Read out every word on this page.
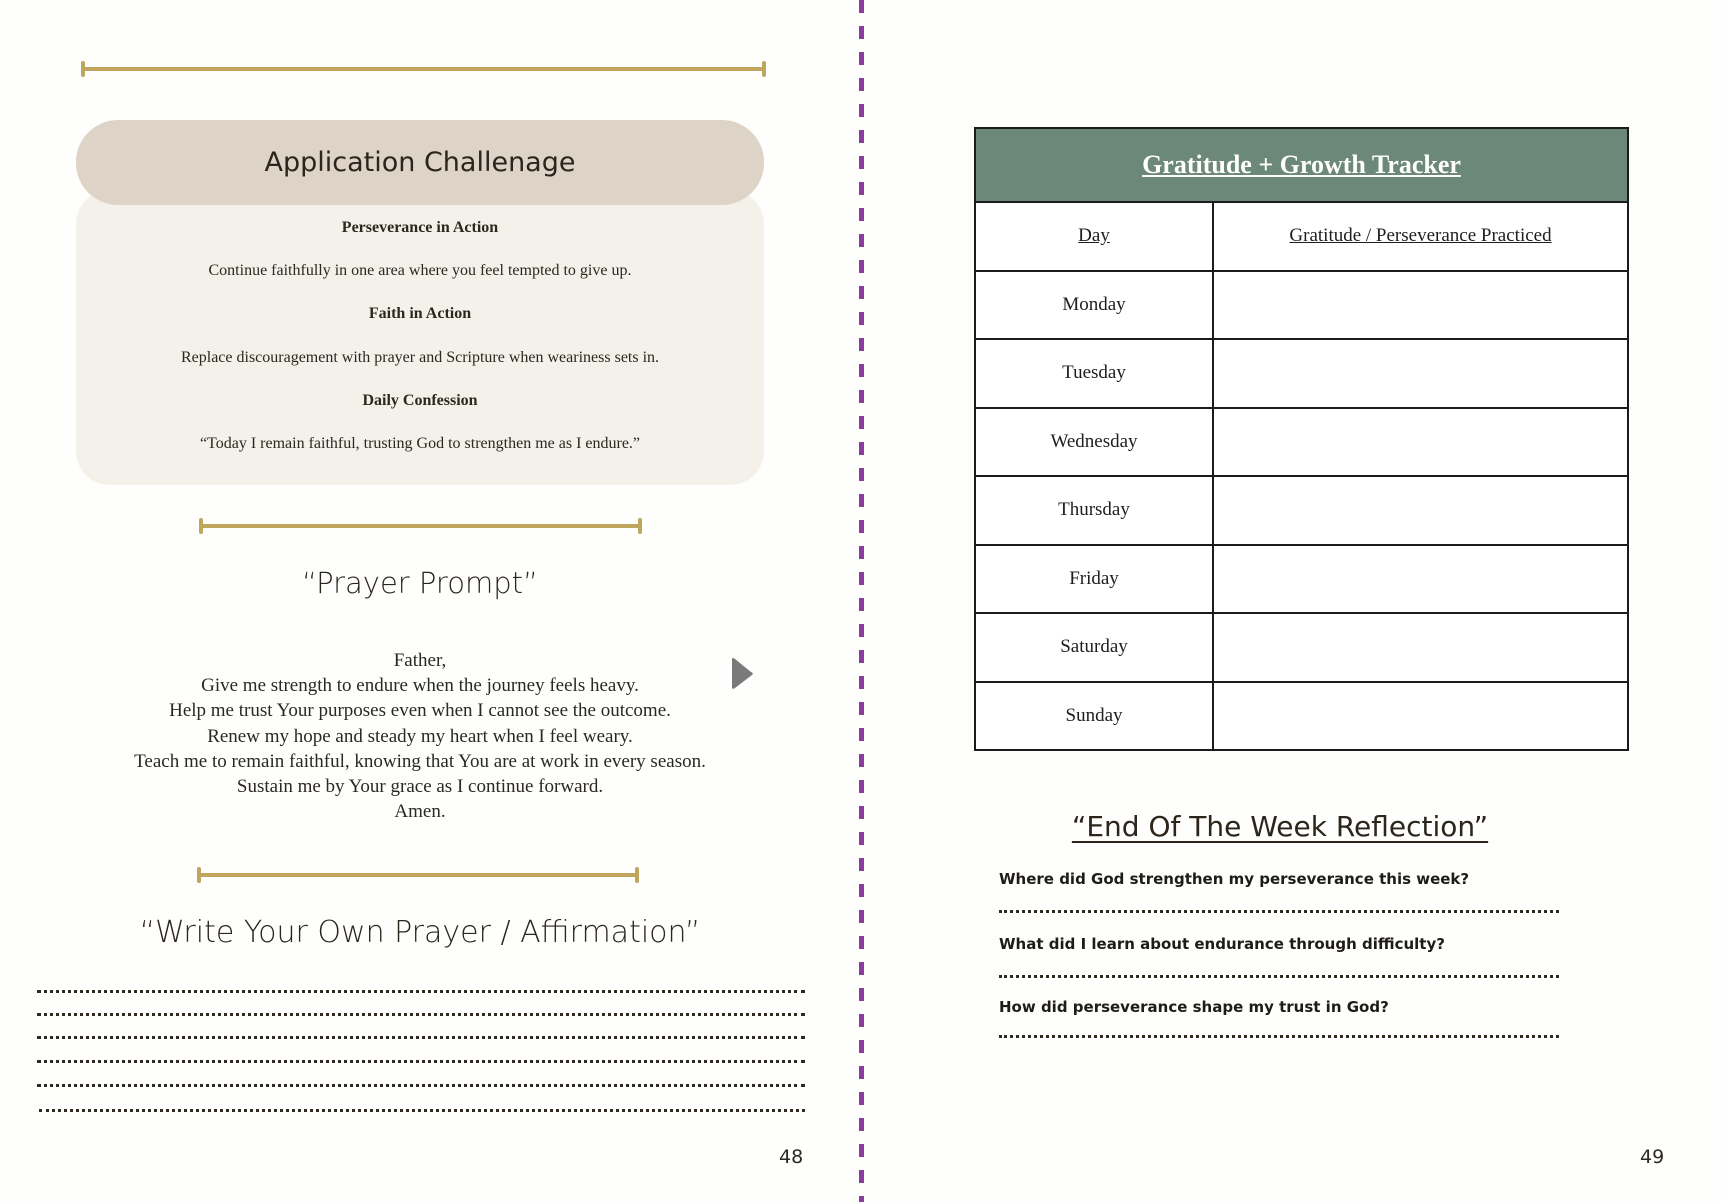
Application Challenage
Perseverance in Action
Continue faithfully in one area where you feel tempted to give up.
Faith in Action
Replace discouragement with prayer and Scripture when weariness sets in.
Daily Confession
“Today I remain faithful, trusting God to strengthen me as I endure.”
“Prayer Prompt”
Father,
Give me strength to endure when the journey feels heavy.
Help me trust Your purposes even when I cannot see the outcome.
Renew my hope and steady my heart when I feel weary.
Teach me to remain faithful, knowing that You are at work in every season.
Sustain me by Your grace as I continue forward.
Amen.
“Write Your Own Prayer / Affirmation”
48
Gratitude + Growth Tracker	
Day	Gratitude / Perseverance Practiced
Monday	
Tuesday	
Wednesday	
Thursday	
Friday	
Saturday	
Sunday	
“End Of The Week Reflection”
Where did God strengthen my perseverance this week?
What did I learn about endurance through difficulty?
How did perseverance shape my trust in God?
49
